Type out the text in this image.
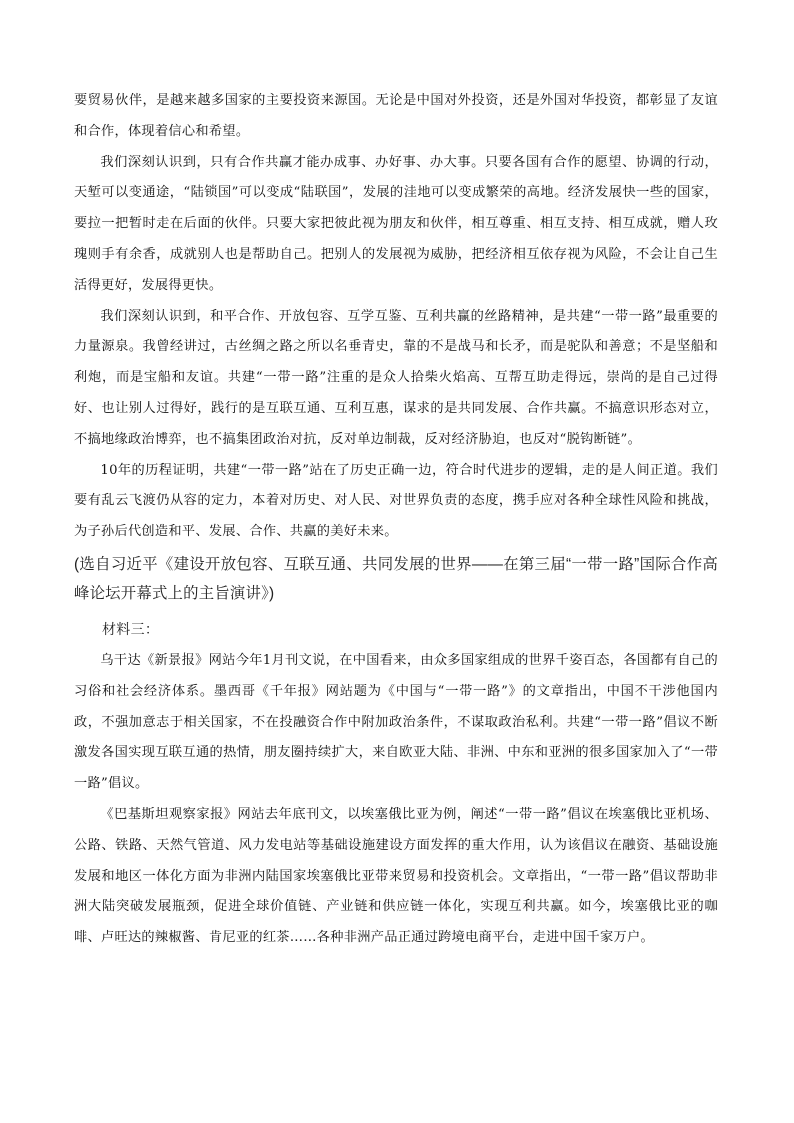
要贸易伙伴，是越来越多国家的主要投资来源国。无论是中国对外投资，还是外国对华投资，都彰显了友谊和合作，体现着信心和希望。

我们深刻认识到，只有合作共赢才能办成事、办好事、办大事。只要各国有合作的愿望、协调的行动，天堑可以变通途，“陆锁国”可以变成“陆联国”，发展的洼地可以变成繁荣的高地。经济发展快一些的国家，要拉一把暂时走在后面的伙伴。只要大家把彼此视为朋友和伙伴，相互尊重、相互支持、相互成就，赠人玫瑰则手有余香，成就别人也是帮助自己。把别人的发展视为威胁，把经济相互依存视为风险，不会让自己生活得更好，发展得更快。

我们深刻认识到，和平合作、开放包容、互学互鉴、互利共赢的丝路精神，是共建“一带一路”最重要的力量源泉。我曾经讲过，古丝绸之路之所以名垂青史，靠的不是战马和长矛，而是驼队和善意；不是坚船和利炮，而是宝船和友谊。共建“一带一路”注重的是众人拾柴火焰高、互帮互助走得远，崇尚的是自己过得好、也让别人过得好，践行的是互联互通、互利互惠，谋求的是共同发展、合作共赢。不搞意识形态对立，不搞地缘政治博弈，也不搞集团政治对抗，反对单边制裁，反对经济胁迫，也反对“脱钩断链”。

10年的历程证明，共建“一带一路”站在了历史正确一边，符合时代进步的逻辑，走的是人间正道。我们要有乱云飞渡仍从容的定力，本着对历史、对人民、对世界负责的态度，携手应对各种全球性风险和挑战，为子孙后代创造和平、发展、合作、共赢的美好未来。

(选自习近平《建设开放包容、互联互通、共同发展的世界——在第三届“一带一路”国际合作高峰论坛开幕式上的主旨演讲》)

材料三：

乌干达《新景报》网站今年1月刊文说，在中国看来，由众多国家组成的世界千姿百态，各国都有自己的习俗和社会经济体系。墨西哥《千年报》网站题为《中国与“一带一路”》的文章指出，中国不干涉他国内政，不强加意志于相关国家，不在投融资合作中附加政治条件，不谋取政治私利。共建“一带一路”倡议不断激发各国实现互联互通的热情，朋友圈持续扩大，来自欧亚大陆、非洲、中东和亚洲的很多国家加入了“一带一路”倡议。

《巴基斯坦观察家报》网站去年底刊文，以埃塞俄比亚为例，阐述“一带一路”倡议在埃塞俄比亚机场、公路、铁路、天然气管道、风力发电站等基础设施建设方面发挥的重大作用，认为该倡议在融资、基础设施发展和地区一体化方面为非洲内陆国家埃塞俄比亚带来贸易和投资机会。文章指出，“一带一路”倡议帮助非洲大陆突破发展瓶颈，促进全球价值链、产业链和供应链一体化，实现互利共赢。如今，埃塞俄比亚的咖啡、卢旺达的辣椒酱、肯尼亚的红茶……各种非洲产品正通过跨境电商平台，走进中国千家万户。
